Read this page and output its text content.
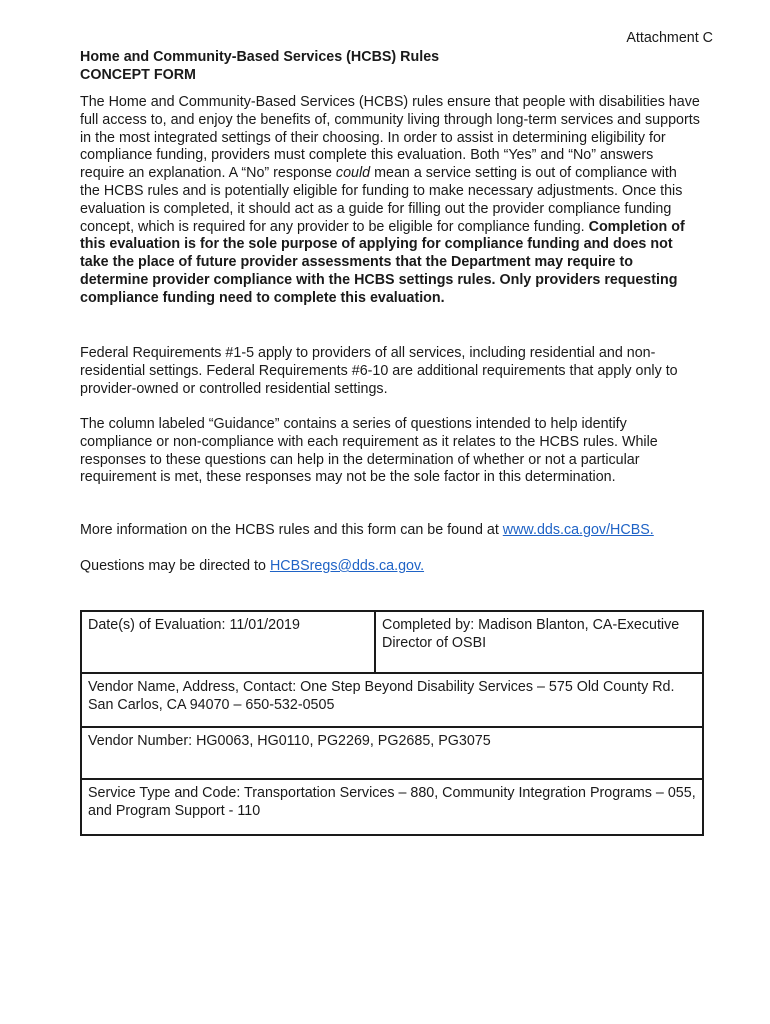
Attachment C
Home and Community-Based Services (HCBS) Rules
CONCEPT FORM
The Home and Community-Based Services (HCBS) rules ensure that people with disabilities have full access to, and enjoy the benefits of, community living through long-term services and supports in the most integrated settings of their choosing. In order to assist in determining eligibility for compliance funding, providers must complete this evaluation. Both “Yes” and “No” answers require an explanation. A “No” response could mean a service setting is out of compliance with the HCBS rules and is potentially eligible for funding to make necessary adjustments. Once this evaluation is completed, it should act as a guide for filling out the provider compliance funding concept, which is required for any provider to be eligible for compliance funding. Completion of this evaluation is for the sole purpose of applying for compliance funding and does not take the place of future provider assessments that the Department may require to determine provider compliance with the HCBS settings rules. Only providers requesting compliance funding need to complete this evaluation.
Federal Requirements #1-5 apply to providers of all services, including residential and non-residential settings. Federal Requirements #6-10 are additional requirements that apply only to provider-owned or controlled residential settings.
The column labeled “Guidance” contains a series of questions intended to help identify compliance or non-compliance with each requirement as it relates to the HCBS rules. While responses to these questions can help in the determination of whether or not a particular requirement is met, these responses may not be the sole factor in this determination.
More information on the HCBS rules and this form can be found at www.dds.ca.gov/HCBS.
Questions may be directed to HCBSregs@dds.ca.gov.
Date(s) of Evaluation: 11/01/2019	Completed by: Madison Blanton, CA-Executive Director of OSBI
Vendor Name, Address, Contact: One Step Beyond Disability Services – 575 Old County Rd. San Carlos, CA 94070 – 650-532-0505
Vendor Number: HG0063, HG0110, PG2269, PG2685, PG3075
Service Type and Code: Transportation Services – 880, Community Integration Programs – 055, and Program Support - 110
